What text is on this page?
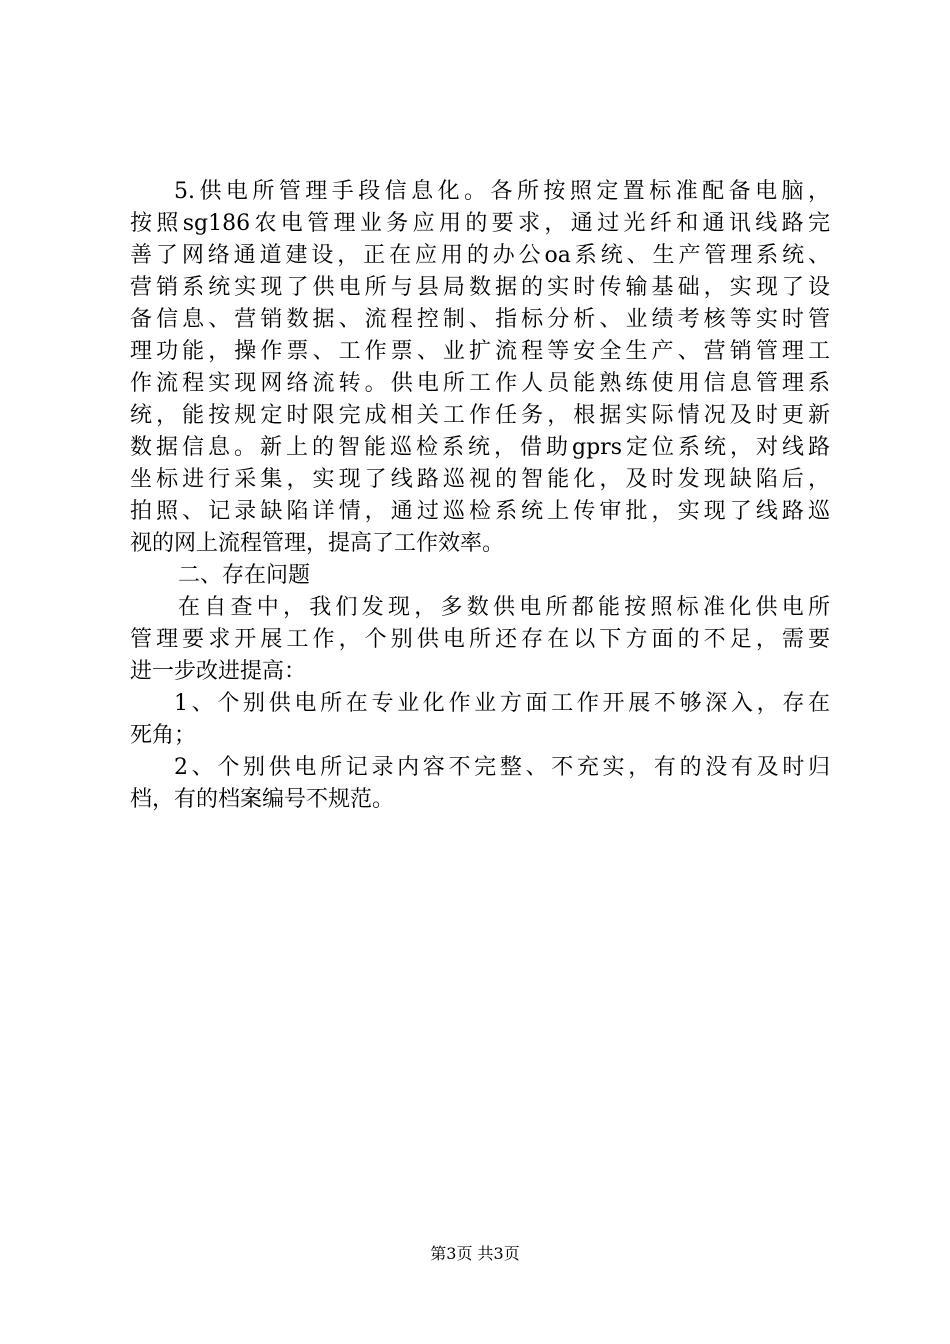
5.供电所管理手段信息化。各所按照定置标准配备电脑，
按照sg186农电管理业务应用的要求，通过光纤和通讯线路完
善了网络通道建设，正在应用的办公oa系统、生产管理系统、
营销系统实现了供电所与县局数据的实时传输基础，实现了设
备信息、营销数据、流程控制、指标分析、业绩考核等实时管
理功能，操作票、工作票、业扩流程等安全生产、营销管理工
作流程实现网络流转。供电所工作人员能熟练使用信息管理系
统，能按规定时限完成相关工作任务，根据实际情况及时更新
数据信息。新上的智能巡检系统，借助gprs定位系统，对线路
坐标进行采集，实现了线路巡视的智能化，及时发现缺陷后，
拍照、记录缺陷详情，通过巡检系统上传审批，实现了线路巡
视的网上流程管理，提高了工作效率。
二、存在问题
在自查中，我们发现，多数供电所都能按照标准化供电所
管理要求开展工作，个别供电所还存在以下方面的不足，需要
进一步改进提高：
1、个别供电所在专业化作业方面工作开展不够深入，存在
死角；
2、个别供电所记录内容不完整、不充实，有的没有及时归
档，有的档案编号不规范。
第3页 共3页
